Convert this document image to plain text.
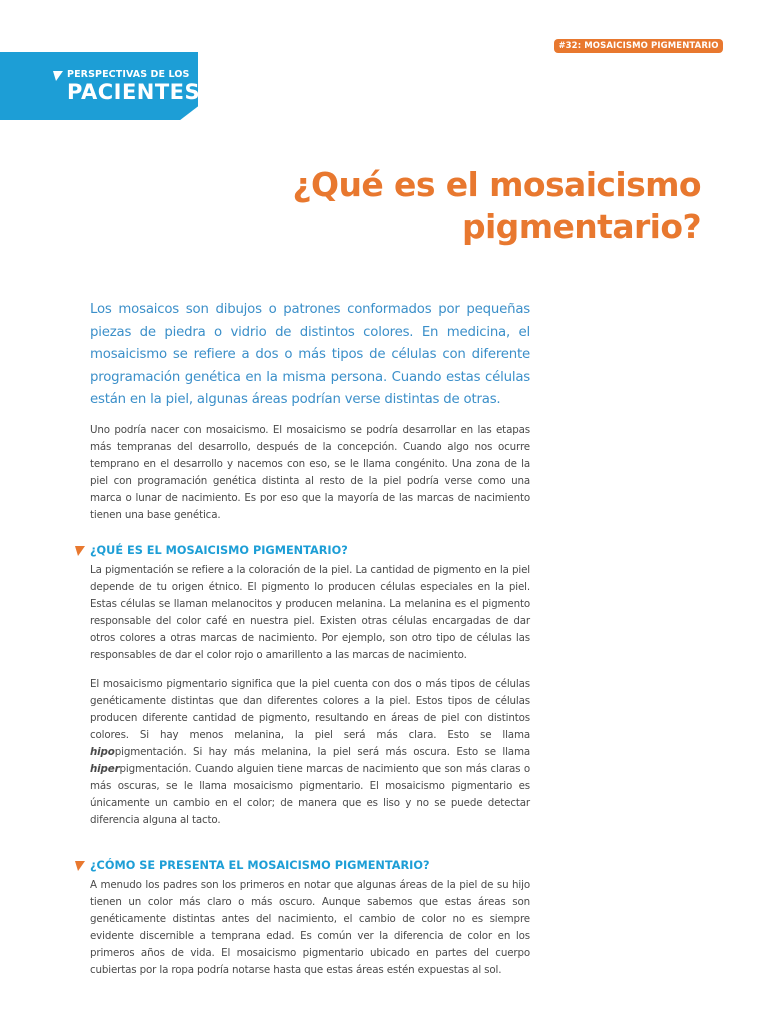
#32: MOSAICISMO PIGMENTARIO
PERSPECTIVAS DE LOS
PACIENTES
¿Qué es el mosaicismo
pigmentario?
Los mosaicos son dibujos o patrones conformados por pequeñas piezas de piedra o vidrio de distintos colores. En medicina, el mosaicismo se refiere a dos o más tipos de células con diferente programación genética en la misma persona. Cuando estas células están en la piel, algunas áreas podrían verse distintas de otras.

Uno podría nacer con mosaicismo. El mosaicismo se podría desarrollar en las etapas más tempranas del desarrollo, después de la concepción. Cuando algo nos ocurre temprano en el desarrollo y nacemos con eso, se le llama congénito. Una zona de la piel con programación genética distinta al resto de la piel podría verse como una marca o lunar de nacimiento. Es por eso que la mayoría de las marcas de nacimiento tienen una base genética.

¿QUÉ ES EL MOSAICISMO PIGMENTARIO?

La pigmentación se refiere a la coloración de la piel. La cantidad de pigmento en la piel depende de tu origen étnico. El pigmento lo producen células especiales en la piel. Estas células se llaman melanocitos y producen melanina. La melanina es el pigmento responsable del color café en nuestra piel. Existen otras células encargadas de dar otros colores a otras marcas de nacimiento. Por ejemplo, son otro tipo de células las responsables de dar el color rojo o amarillento a las marcas de nacimiento.

El mosaicismo pigmentario significa que la piel cuenta con dos o más tipos de células genéticamente distintas que dan diferentes colores a la piel. Estos tipos de células producen diferente cantidad de pigmento, resultando en áreas de piel con distintos colores. Si hay menos melanina, la piel será más clara. Esto se llama hipopigmentación. Si hay más melanina, la piel será más oscura. Esto se llama hiperpigmentación. Cuando alguien tiene marcas de nacimiento que son más claras o más oscuras, se le llama mosaicismo pigmentario. El mosaicismo pigmentario es únicamente un cambio en el color; de manera que es liso y no se puede detectar diferencia alguna al tacto.

¿CÓMO SE PRESENTA EL MOSAICISMO PIGMENTARIO?

A menudo los padres son los primeros en notar que algunas áreas de la piel de su hijo tienen un color más claro o más oscuro. Aunque sabemos que estas áreas son genéticamente distintas antes del nacimiento, el cambio de color no es siempre evidente discernible a temprana edad. Es común ver la diferencia de color en los primeros años de vida. El mosaicismo pigmentario ubicado en partes del cuerpo cubiertas por la ropa podría notarse hasta que estas áreas estén expuestas al sol.
